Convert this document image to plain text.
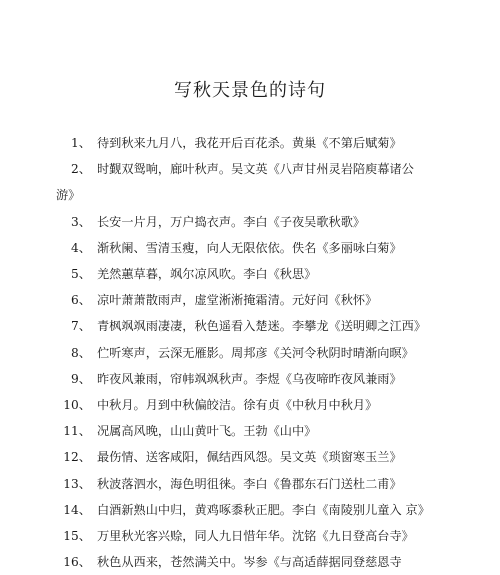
写秋天景色的诗句
1、 待到秋来九月八，我花开后百花杀。黄巢《不第后赋菊》
2、 时觐双鸳响，廊叶秋声。吴文英《八声甘州灵岩陪庾幕诸公
游》
3、 长安一片月，万户捣衣声。李白《子夜吴歌秋歌》
4、 渐秋阑、雪清玉瘦，向人无限依依。佚名《多丽咏白菊》
5、 羌然蕙草暮，飒尔凉风吹。李白《秋思》
6、 凉叶萧萧散雨声，虚堂淅淅掩霜清。元好问《秋怀》
7、 青枫飒飒雨凄凄，秋色遥看入楚迷。李攀龙《送明卿之江西》
8、 伫听寒声，云深无雁影。周邦彦《关河令秋阴时晴渐向暝》
9、 昨夜风兼雨，帘帏飒飒秋声。李煜《乌夜啼昨夜风兼雨》
10、 中秋月。月到中秋偏皎洁。徐有贞《中秋月中秋月》
11、 况属高风晚，山山黄叶飞。王勃《山中》
12、 最伤情、送客咸阳，佩结西风怨。吴文英《琐窗寒玉兰》
13、 秋波落泗水，海色明徂徕。李白《鲁郡东石门送杜二甫》
14、 白酒新熟山中归，黄鸡啄黍秋正肥。李白《南陵别儿童入 京》
15、 万里秋光客兴赊，同人九日惜年华。沈铭《九日登高台寺》
16、秋色从西来，苍然满关中。岑参《与高适薛据同登慈恩寺
